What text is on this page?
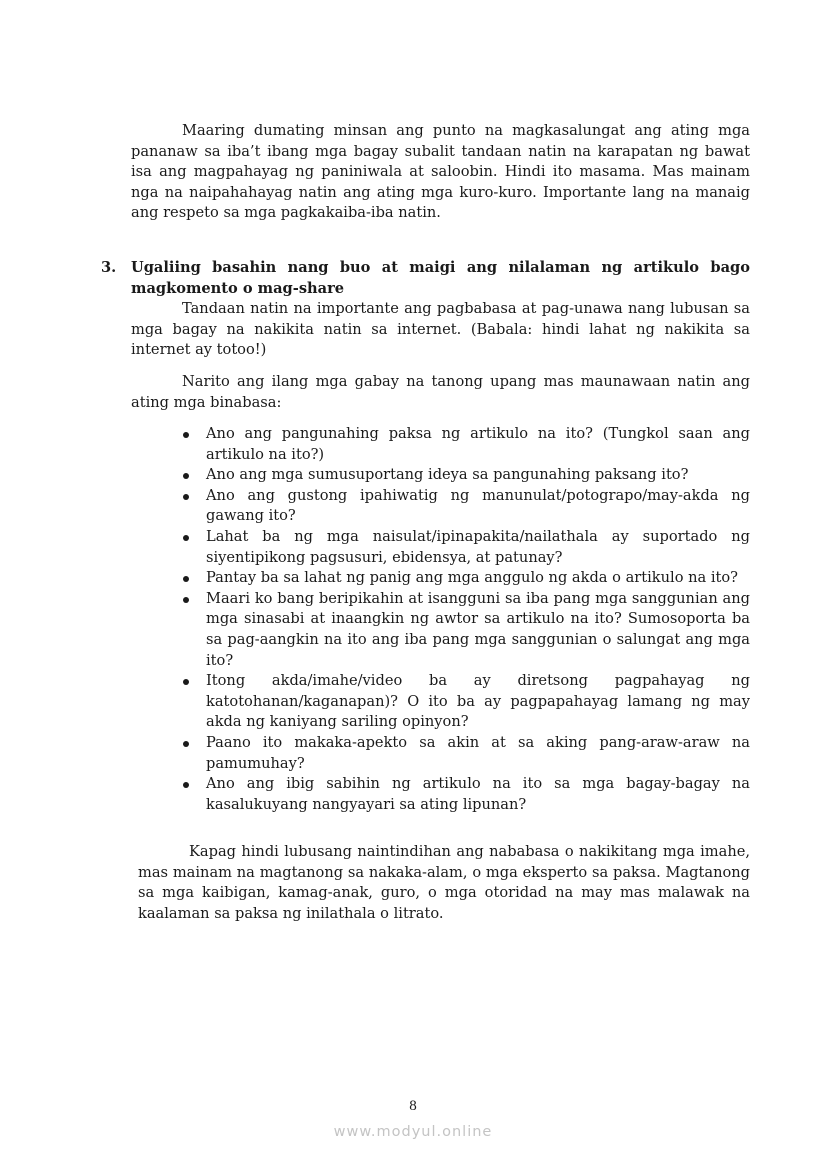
Maaring dumating minsan ang punto na magkasalungat ang ating mga pananaw sa iba’t ibang mga bagay subalit tandaan natin na karapatan ng bawat isa ang magpahayag ng paniniwala at saloobin. Hindi ito masama. Mas mainam nga na naipahahayag natin ang ating mga kuro-kuro. Importante lang na manaig ang respeto sa mga pagkakaiba-iba natin.

3. Ugaliing basahin nang buo at maigi ang nilalaman ng artikulo bago magkomento o mag-share

Tandaan natin na importante ang pagbabasa at pag-unawa nang lubusan sa mga bagay na nakikita natin sa internet. (Babala: hindi lahat ng nakikita sa internet ay totoo!)

Narito ang ilang mga gabay na tanong upang mas maunawaan natin ang ating mga binabasa:

Ano ang pangunahing paksa ng artikulo na ito? (Tungkol saan ang artikulo na ito?)
Ano ang mga sumusuportang ideya sa pangunahing paksang ito?
Ano ang gustong ipahiwatig ng manunulat/potograpo/may-akda ng gawang ito?
Lahat ba ng mga naisulat/ipinapakita/nailathala ay suportado ng siyentipikong pagsusuri, ebidensya, at patunay?
Pantay ba sa lahat ng panig ang mga anggulo ng akda o artikulo na ito?
Maari ko bang beripikahin at isangguni sa iba pang mga sanggunian ang mga sinasabi at inaangkin ng awtor sa artikulo na ito? Sumosoporta ba sa pag-aangkin na ito ang iba pang mga sanggunian o salungat ang mga ito?
Itong akda/imahe/video ba ay diretsong pagpahayag ng katotohanan/kaganapan)? O ito ba ay pagpapahayag lamang ng may akda ng kaniyang sariling opinyon?
Paano ito makaka-apekto sa akin at sa aking pang-araw-araw na pamumuhay?
Ano ang ibig sabihin ng artikulo na ito sa mga bagay-bagay na kasalukuyang nangyayari sa ating lipunan?

Kapag hindi lubusang naintindihan ang nababasa o nakikitang mga imahe, mas mainam na magtanong sa nakaka-alam, o mga eksperto sa paksa. Magtanong sa mga kaibigan, kamag-anak, guro, o mga otoridad na may mas malawak na kaalaman sa paksa ng inilathala o litrato.

8
www.modyul.online
